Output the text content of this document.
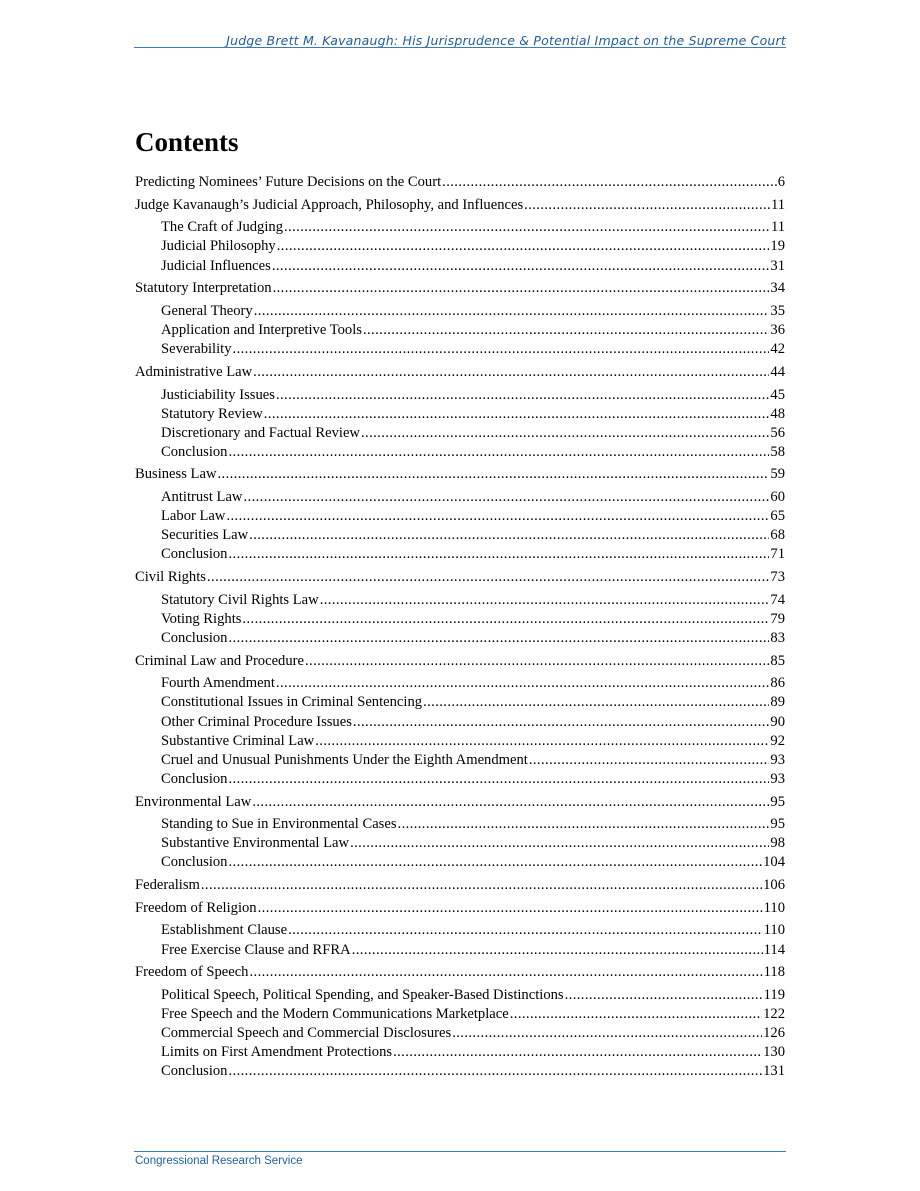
Judge Brett M. Kavanaugh: His Jurisprudence & Potential Impact on the Supreme Court
Contents
Predicting Nominees’ Future Decisions on the Court .....	6
Judge Kavanaugh’s Judicial Approach, Philosophy, and Influences .....	11
The Craft of Judging .....	11
Judicial Philosophy .....	19
Judicial Influences .....	31
Statutory Interpretation .....	34
General Theory .....	35
Application and Interpretive Tools .....	36
Severability .....	42
Administrative Law .....	44
Justiciability Issues .....	45
Statutory Review .....	48
Discretionary and Factual Review .....	56
Conclusion .....	58
Business Law .....	59
Antitrust Law .....	60
Labor Law .....	65
Securities Law .....	68
Conclusion .....	71
Civil Rights .....	73
Statutory Civil Rights Law .....	74
Voting Rights .....	79
Conclusion .....	83
Criminal Law and Procedure .....	85
Fourth Amendment .....	86
Constitutional Issues in Criminal Sentencing .....	89
Other Criminal Procedure Issues .....	90
Substantive Criminal Law .....	92
Cruel and Unusual Punishments Under the Eighth Amendment .....	93
Conclusion .....	93
Environmental Law .....	95
Standing to Sue in Environmental Cases .....	95
Substantive Environmental Law .....	98
Conclusion .....	104
Federalism .....	106
Freedom of Religion .....	110
Establishment Clause .....	110
Free Exercise Clause and RFRA .....	114
Freedom of Speech .....	118
Political Speech, Political Spending, and Speaker-Based Distinctions .....	119
Free Speech and the Modern Communications Marketplace .....	122
Commercial Speech and Commercial Disclosures .....	126
Limits on First Amendment Protections .....	130
Conclusion .....	131
Congressional Research Service
